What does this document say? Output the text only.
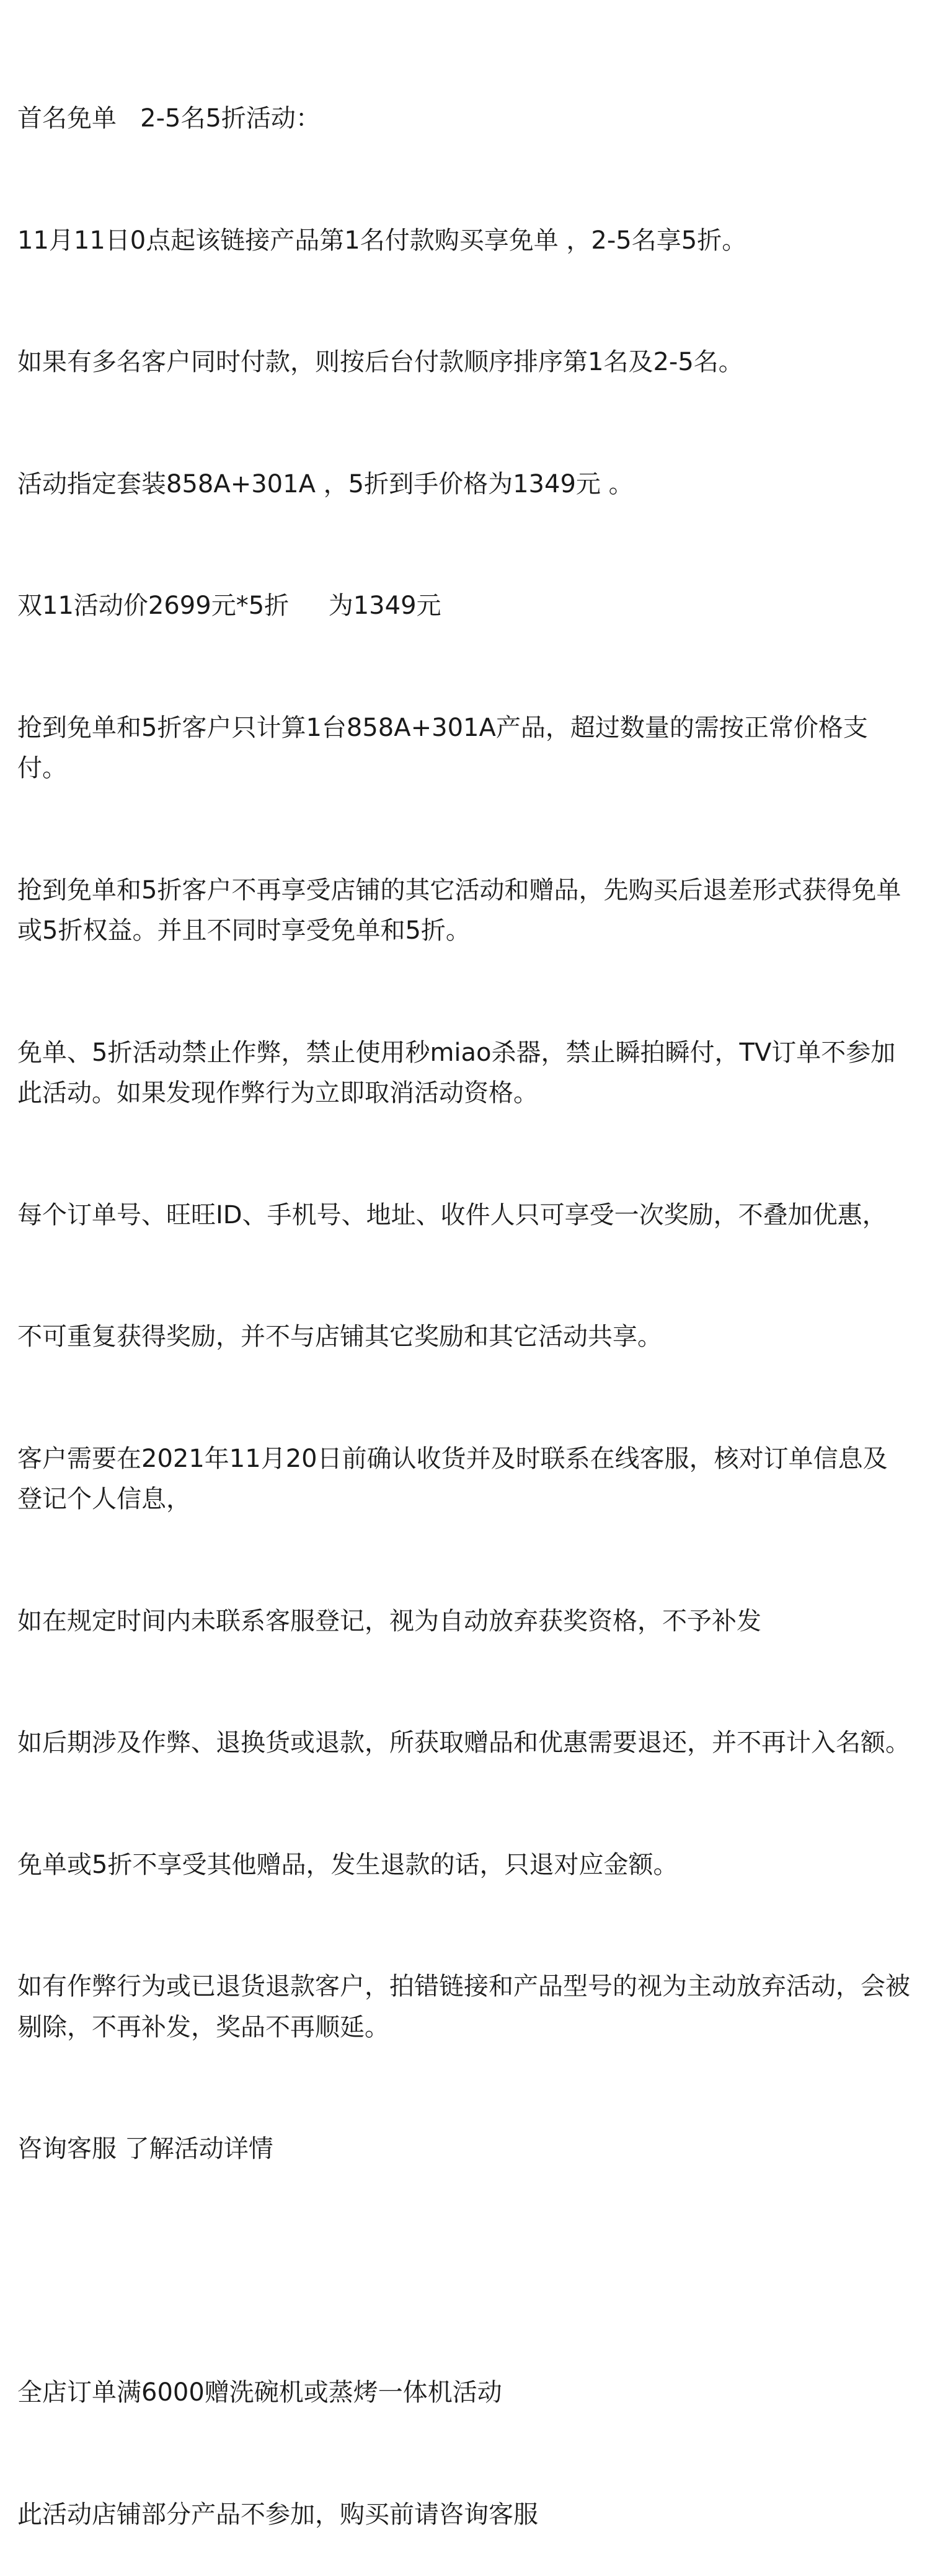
首名免单   2-5名5折活动：

11月11日0点起该链接产品第1名付款购买享免单 ，2-5名享5折。

如果有多名客户同时付款，则按后台付款顺序排序第1名及2-5名。

活动指定套装858A+301A ，5折到手价格为1349元 。

双11活动价2699元*5折     为1349元

抢到免单和5折客户只计算1台858A+301A产品，超过数量的需按正常价格支付。

抢到免单和5折客户不再享受店铺的其它活动和赠品，先购买后退差形式获得免单或5折权益。并且不同时享受免单和5折。

免单、5折活动禁止作弊，禁止使用秒miao杀器，禁止瞬拍瞬付，TV订单不参加此活动。如果发现作弊行为立即取消活动资格。

每个订单号、旺旺ID、手机号、地址、收件人只可享受一次奖励，不叠加优惠，

不可重复获得奖励，并不与店铺其它奖励和其它活动共享。

客户需要在2021年11月20日前确认收货并及时联系在线客服，核对订单信息及登记个人信息，

如在规定时间内未联系客服登记，视为自动放弃获奖资格，不予补发

如后期涉及作弊、退换货或退款，所获取赠品和优惠需要退还，并不再计入名额。

免单或5折不享受其他赠品，发生退款的话，只退对应金额。

如有作弊行为或已退货退款客户，拍错链接和产品型号的视为主动放弃活动，会被剔除，不再补发，奖品不再顺延。

咨询客服 了解活动详情

全店订单满6000赠洗碗机或蒸烤一体机活动

此活动店铺部分产品不参加，购买前请咨询客服
